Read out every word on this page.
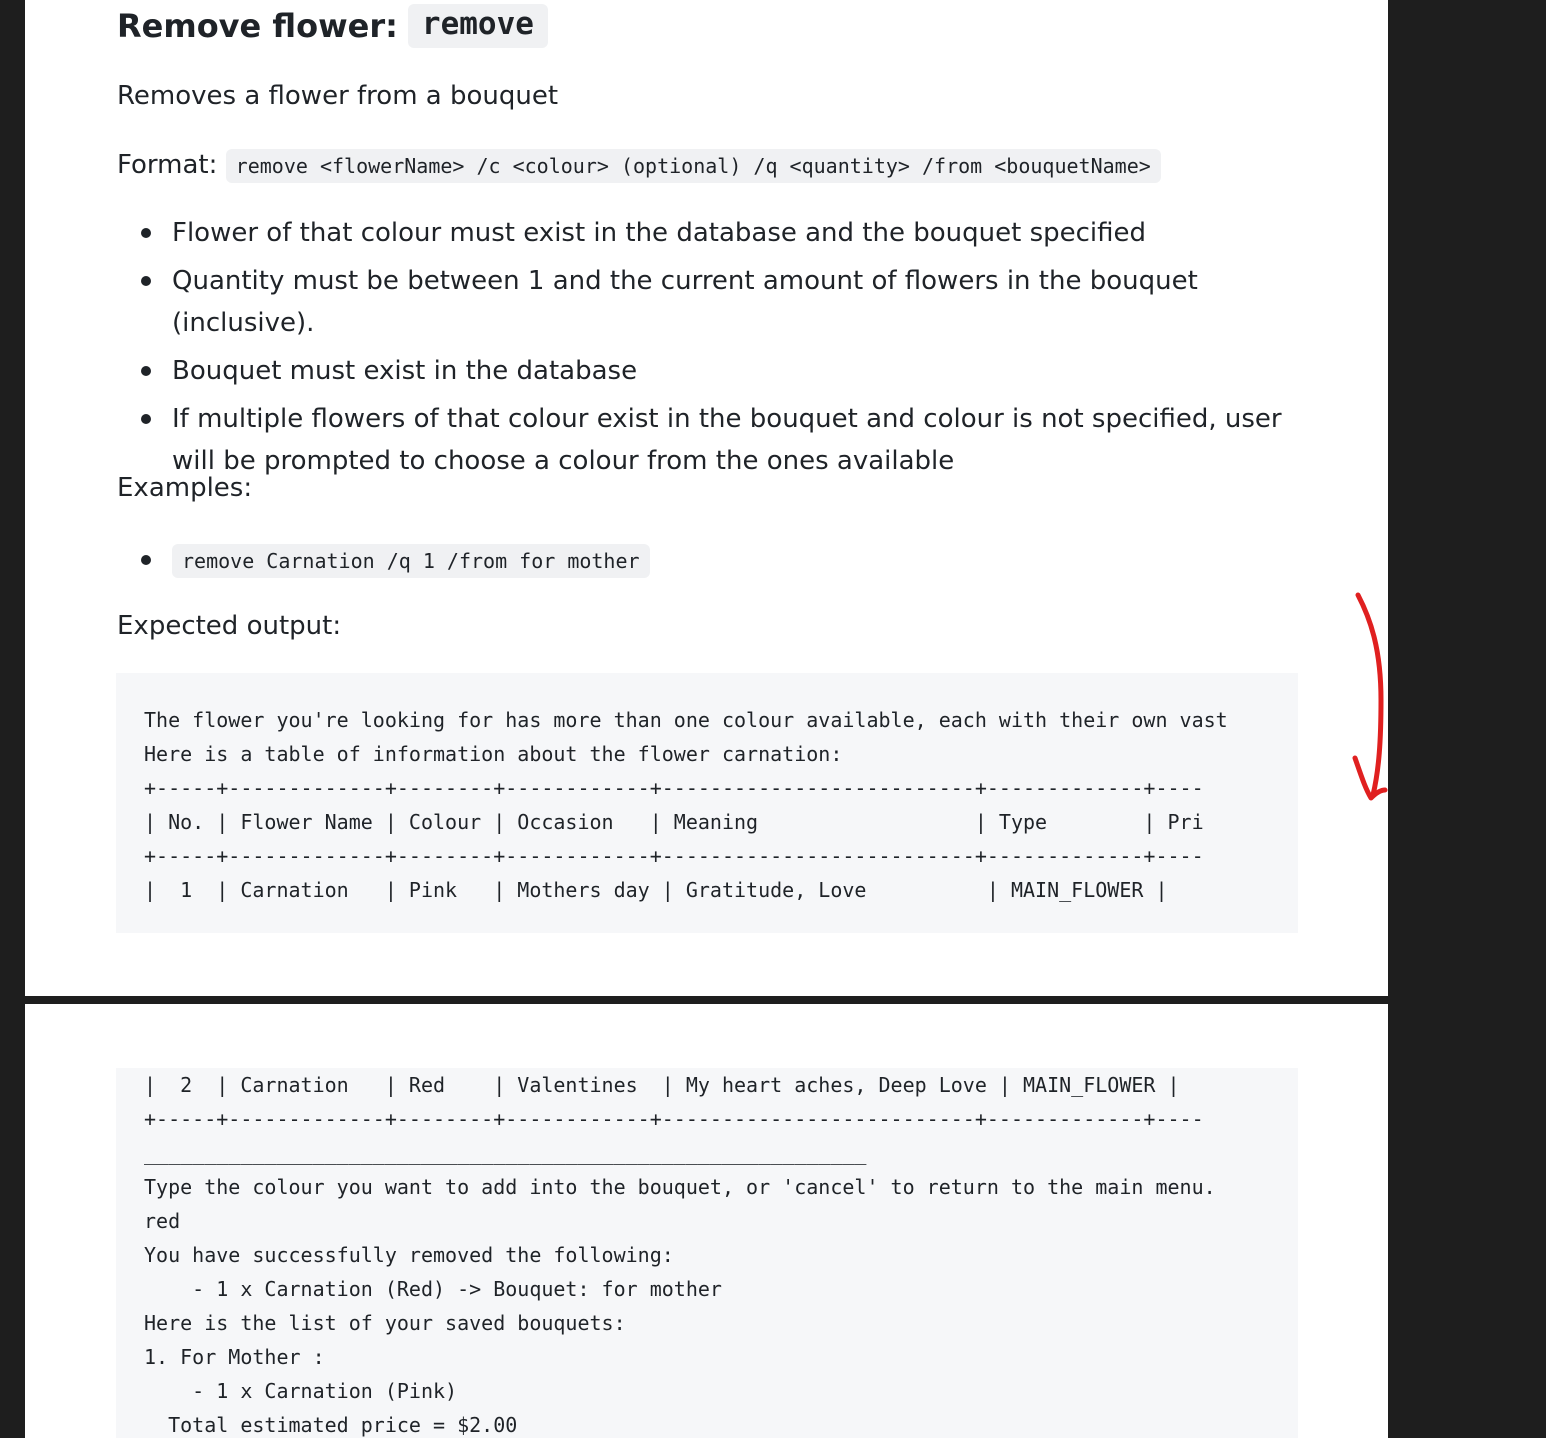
Remove flower: remove
Removes a flower from a bouquet
Format: remove <flowerName> /c <colour> (optional) /q <quantity> /from <bouquetName>
Flower of that colour must exist in the database and the bouquet specified
Quantity must be between 1 and the current amount of flowers in the bouquet (inclusive).
Bouquet must exist in the database
If multiple flowers of that colour exist in the bouquet and colour is not specified, user will be prompted to choose a colour from the ones available
Examples:
remove Carnation /q 1 /from for mother
Expected output:
The flower you're looking for has more than one colour available, each with their own vast
Here is a table of information about the flower carnation:
+-----+-------------+--------+------------+--------------------------+-------------+----
| No. | Flower Name | Colour | Occasion   | Meaning                  | Type        | Pri
+-----+-------------+--------+------------+--------------------------+-------------+----
|  1  | Carnation   | Pink   | Mothers day | Gratitude, Love          | MAIN_FLOWER |
|  2  | Carnation   | Red    | Valentines  | My heart aches, Deep Love | MAIN_FLOWER |
+-----+-------------+--------+------------+--------------------------+-------------+----
____________________________________________________________
Type the colour you want to add into the bouquet, or 'cancel' to return to the main menu.
red
You have successfully removed the following:
- 1 x Carnation (Red) -> Bouquet: for mother
Here is the list of your saved bouquets:
1. For Mother :
- 1 x Carnation (Pink)
Total estimated price = $2.00
